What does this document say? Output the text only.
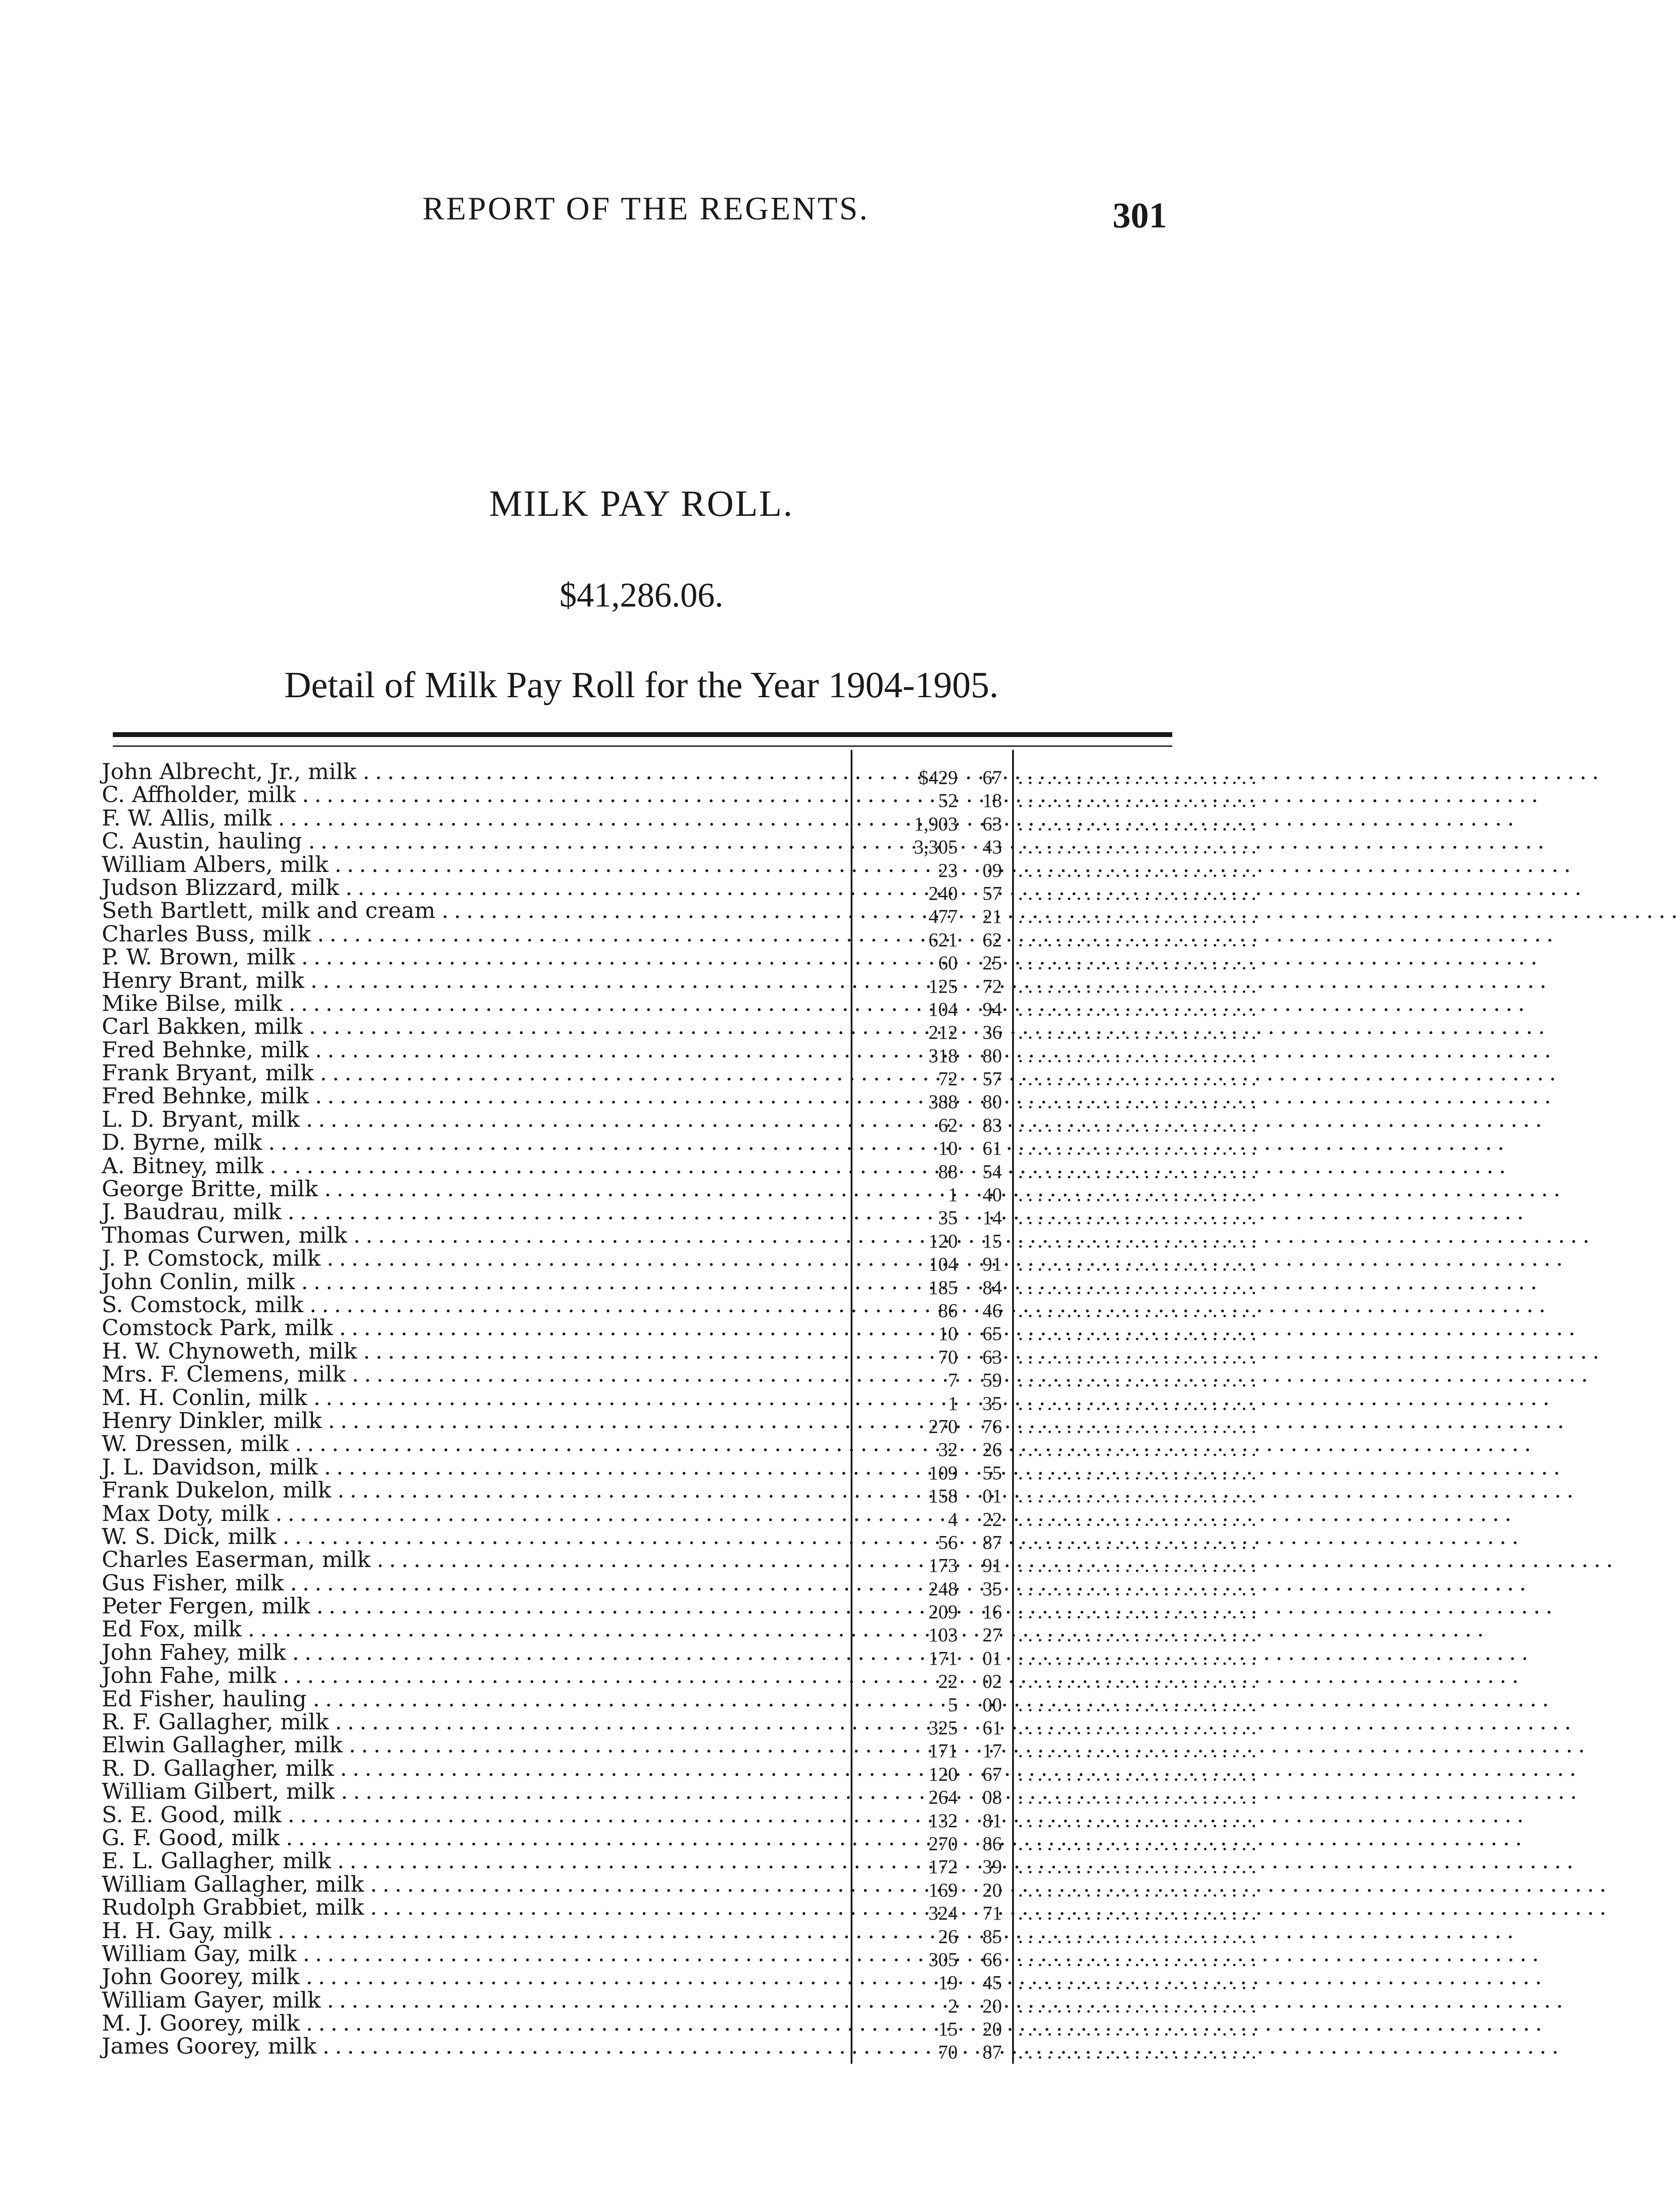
REPORT OF THE REGENTS.	301
MILK PAY ROLL.
$41,286.06.
Detail of Milk Pay Roll for the Year 1904-1905.
John Albrecht, Jr., milk . . .	$429	67 . . . . . . . . . . . . . . . . . . . . . . . . .
C. Affholder, milk . . .	52	18 . . . . . . . . . . . . . . . . . . . . . . . . .
F. W. Allis, milk . . .	1,903	63 . . . . . . . . . . . . . . . . . . . . . . . . .
C. Austin, hauling . . .	3,305	43 . . . . . . . . . . . . . . . . . . . . . . . . .
William Albers, milk . . .	23	09 . . . . . . . . . . . . . . . . . . . . . . . . .
Judson Blizzard, milk . . .	240	57 . . . . . . . . . . . . . . . . . . . . . . . . .
Seth Bartlett, milk and cream . . .	477	21 . . . . . . . . . . . . . . . . . . . . . . . . .
Charles Buss, milk . . .	621	62 . . . . . . . . . . . . . . . . . . . . . . . . .
P. W. Brown, milk . . .	60	25 . . . . . . . . . . . . . . . . . . . . . . . . .
Henry Brant, milk . . .	125	72 . . . . . . . . . . . . . . . . . . . . . . . . .
Mike Bilse, milk . . .	104	94 . . . . . . . . . . . . . . . . . . . . . . . . .
Carl Bakken, milk . . .	212	36 . . . . . . . . . . . . . . . . . . . . . . . . .
Fred Behnke, milk . . .	318	80 . . . . . . . . . . . . . . . . . . . . . . . . .
Frank Bryant, milk . . .	72	57 . . . . . . . . . . . . . . . . . . . . . . . . .
Fred Behnke, milk . . .	388	80 . . . . . . . . . . . . . . . . . . . . . . . . .
L. D. Bryant, milk . . .	62	83 . . . . . . . . . . . . . . . . . . . . . . . . .
D. Byrne, milk . . .	10	61 . . . . . . . . . . . . . . . . . . . . . . . . .
A. Bitney, milk . . .	88	54 . . . . . . . . . . . . . . . . . . . . . . . . .
George Britte, milk . . .	1	40 . . . . . . . . . . . . . . . . . . . . . . . . .
J. Baudrau, milk . . .	35	14 . . . . . . . . . . . . . . . . . . . . . . . . .
Thomas Curwen, milk . . .	120	15 . . . . . . . . . . . . . . . . . . . . . . . . .
J. P. Comstock, milk . . .	104	91 . . . . . . . . . . . . . . . . . . . . . . . . .
John Conlin, milk . . .	185	84 . . . . . . . . . . . . . . . . . . . . . . . . .
S. Comstock, milk . . .	86	46 . . . . . . . . . . . . . . . . . . . . . . . . .
Comstock Park, milk . . .	10	65 . . . . . . . . . . . . . . . . . . . . . . . . .
H. W. Chynoweth, milk . . .	70	63 . . . . . . . . . . . . . . . . . . . . . . . . .
Mrs. F. Clemens, milk . . .	7	59 . . . . . . . . . . . . . . . . . . . . . . . . .
M. H. Conlin, milk . . .	1	35 . . . . . . . . . . . . . . . . . . . . . . . . .
Henry Dinkler, milk . . .	270	76 . . . . . . . . . . . . . . . . . . . . . . . . .
W. Dressen, milk . . .	32	26 . . . . . . . . . . . . . . . . . . . . . . . . .
J. L. Davidson, milk . . .	109	55 . . . . . . . . . . . . . . . . . . . . . . . . .
Frank Dukelon, milk . . .	158	01 . . . . . . . . . . . . . . . . . . . . . . . . .
Max Doty, milk . . .	4	22 . . . . . . . . . . . . . . . . . . . . . . . . .
W. S. Dick, milk . . .	56	87 . . . . . . . . . . . . . . . . . . . . . . . . .
Charles Easerman, milk . . .	173	91 . . . . . . . . . . . . . . . . . . . . . . . . .
Gus Fisher, milk . . .	248	35 . . . . . . . . . . . . . . . . . . . . . . . . .
Peter Fergen, milk . . .	209	16 . . . . . . . . . . . . . . . . . . . . . . . . .
Ed Fox, milk . . .	103	27 . . . . . . . . . . . . . . . . . . . . . . . . .
John Fahey, milk . . .	171	01 . . . . . . . . . . . . . . . . . . . . . . . . .
John Fahe, milk . . .	22	02 . . . . . . . . . . . . . . . . . . . . . . . . .
Ed Fisher, hauling . . .	5	00 . . . . . . . . . . . . . . . . . . . . . . . . .
R. F. Gallagher, milk . . .	325	61 . . . . . . . . . . . . . . . . . . . . . . . . .
Elwin Gallagher, milk . . .	171	17 . . . . . . . . . . . . . . . . . . . . . . . . .
R. D. Gallagher, milk . . .	120	67 . . . . . . . . . . . . . . . . . . . . . . . . .
William Gilbert, milk . . .	264	08 . . . . . . . . . . . . . . . . . . . . . . . . .
S. E. Good, milk . . .	132	81 . . . . . . . . . . . . . . . . . . . . . . . . .
G. F. Good, milk . . .	270	86 . . . . . . . . . . . . . . . . . . . . . . . . .
E. L. Gallagher, milk . . .	172	39 . . . . . . . . . . . . . . . . . . . . . . . . .
William Gallagher, milk . . .	169	20 . . . . . . . . . . . . . . . . . . . . . . . . .
Rudolph Grabbiet, milk . . .	324	71 . . . . . . . . . . . . . . . . . . . . . . . . .
H. H. Gay, milk . . .	26	85 . . . . . . . . . . . . . . . . . . . . . . . . .
William Gay, milk . . .	305	66 . . . . . . . . . . . . . . . . . . . . . . . . .
John Goorey, milk . . .	19	45 . . . . . . . . . . . . . . . . . . . . . . . . .
William Gayer, milk . . .	2	20 . . . . . . . . . . . . . . . . . . . . . . . . .
M. J. Goorey, milk . . .	15	20 . . . . . . . . . . . . . . . . . . . . . . . . .
James Goorey, milk . . .	70	87 . . . . . . . . . . . . . . . . . . . . . . . . .
